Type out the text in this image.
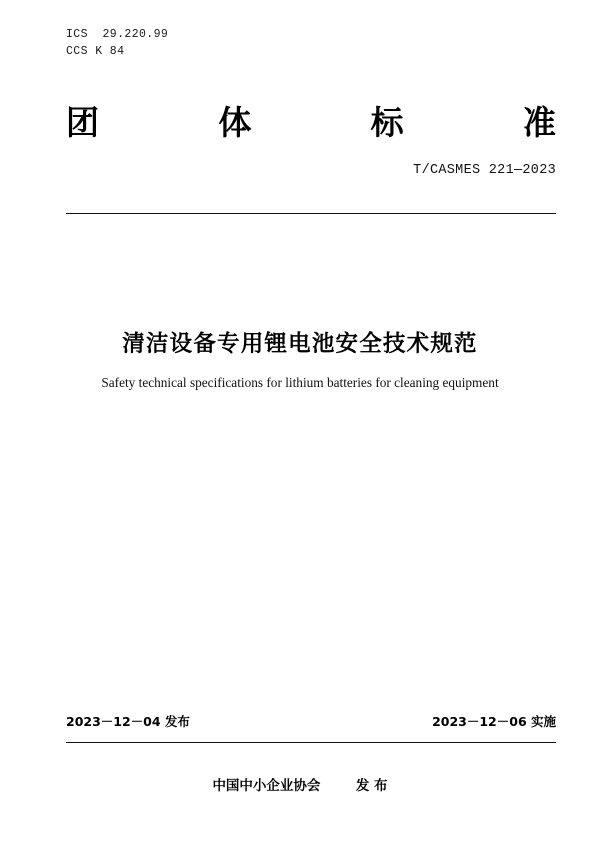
ICS  29.220.99
CCS K 84
团	体	标	准
T/CASMES 221—2023
清洁设备专用锂电池安全技术规范
Safety technical specifications for lithium batteries for cleaning equipment
2023－12－04 发布	2023－12－06 实施
中国中小企业协会	发 布
